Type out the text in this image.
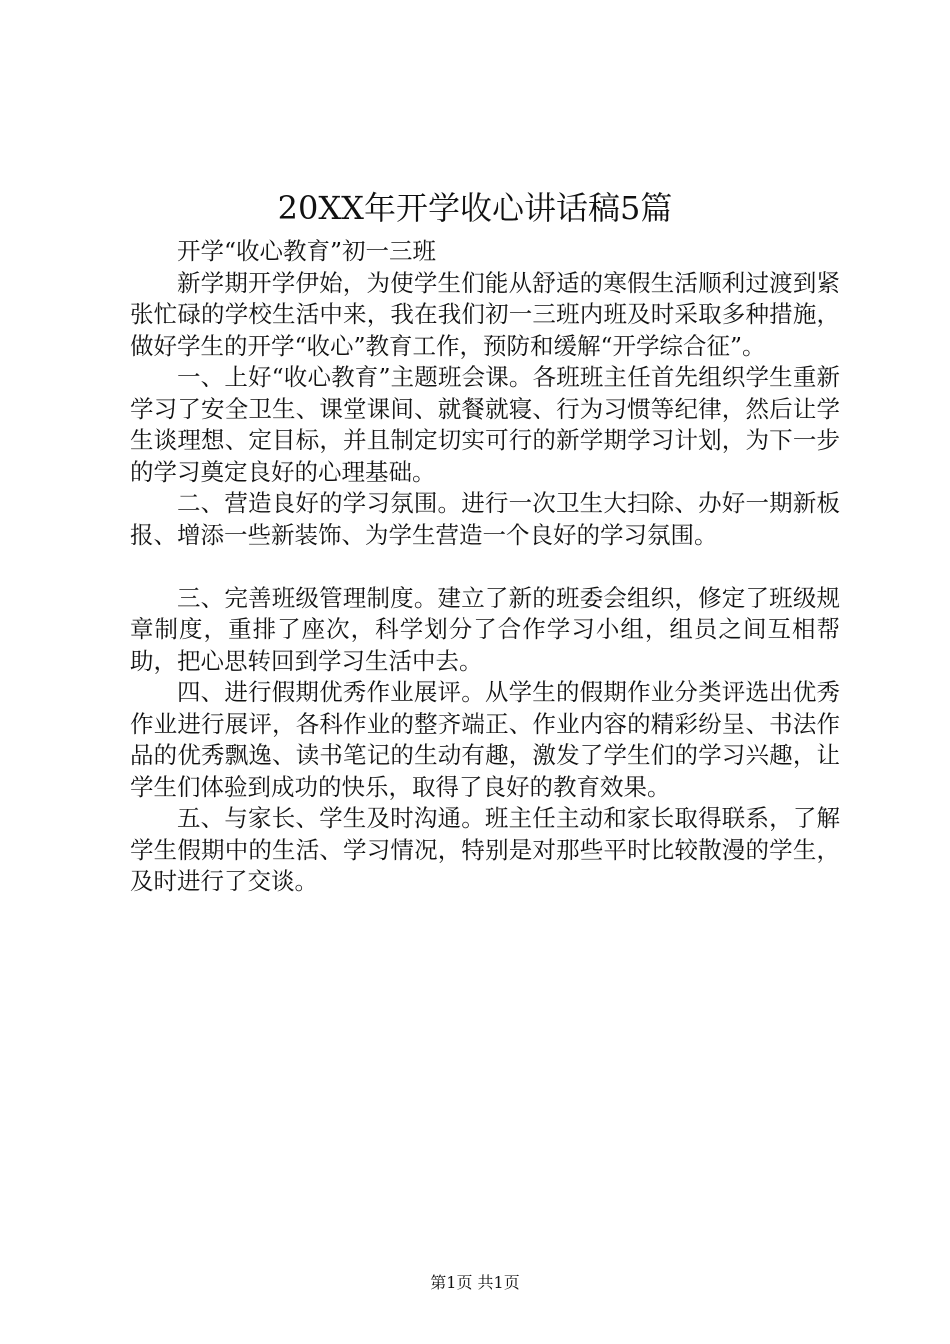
20XX年开学收心讲话稿5篇

开学“收心教育”初一三班

新学期开学伊始，为使学生们能从舒适的寒假生活顺利过渡到紧张忙碌的学校生活中来，我在我们初一三班内班及时采取多种措施，做好学生的开学“收心”教育工作，预防和缓解“开学综合征”。

一、上好“收心教育”主题班会课。各班班主任首先组织学生重新学习了安全卫生、课堂课间、就餐就寝、行为习惯等纪律，然后让学生谈理想、定目标，并且制定切实可行的新学期学习计划，为下一步的学习奠定良好的心理基础。

二、营造良好的学习氛围。进行一次卫生大扫除、办好一期新板报、增添一些新装饰、为学生营造一个良好的学习氛围。

三、完善班级管理制度。建立了新的班委会组织，修定了班级规章制度，重排了座次，科学划分了合作学习小组，组员之间互相帮助，把心思转回到学习生活中去。

四、进行假期优秀作业展评。从学生的假期作业分类评选出优秀作业进行展评，各科作业的整齐端正、作业内容的精彩纷呈、书法作品的优秀飘逸、读书笔记的生动有趣，激发了学生们的学习兴趣，让学生们体验到成功的快乐，取得了良好的教育效果。

五、与家长、学生及时沟通。班主任主动和家长取得联系，了解学生假期中的生活、学习情况，特别是对那些平时比较散漫的学生，及时进行了交谈。

第1页 共1页
